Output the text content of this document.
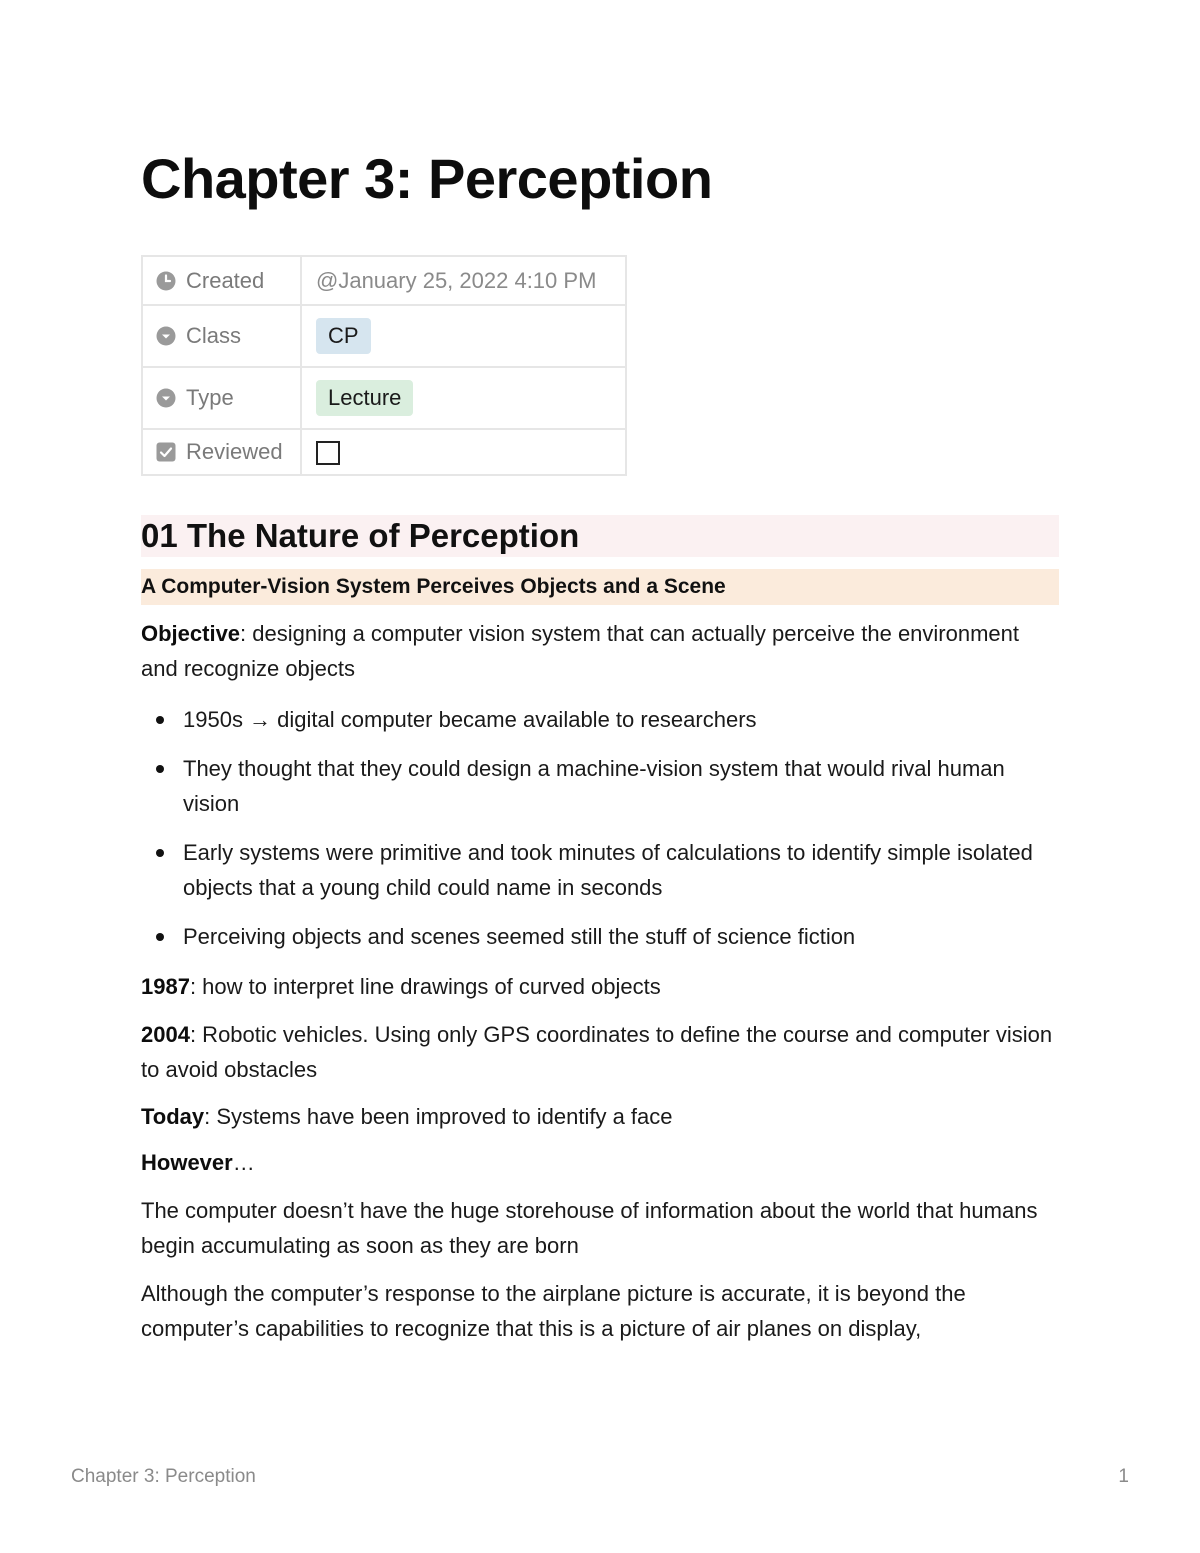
Chapter 3: Perception
Created	@January 25, 2022 4:10 PM

Class	CP

Type	Lecture

Reviewed	

01 The Nature of Perception
A Computer-Vision System Perceives Objects and a Scene

Objective: designing a computer vision system that can actually perceive the environment and recognize objects

1950s → digital computer became available to researchers
They thought that they could design a machine-vision system that would rival human vision
Early systems were primitive and took minutes of calculations to identify simple isolated objects that a young child could name in seconds
Perceiving objects and scenes seemed still the stuff of science fiction

1987: how to interpret line drawings of curved objects

2004: Robotic vehicles. Using only GPS coordinates to define the course and computer vision to avoid obstacles

Today: Systems have been improved to identify a face

However…

The computer doesn’t have the huge storehouse of information about the world that humans begin accumulating as soon as they are born

Although the computer’s response to the airplane picture is accurate, it is beyond the computer’s capabilities to recognize that this is a picture of air planes on display,

Chapter 3: Perception	1
